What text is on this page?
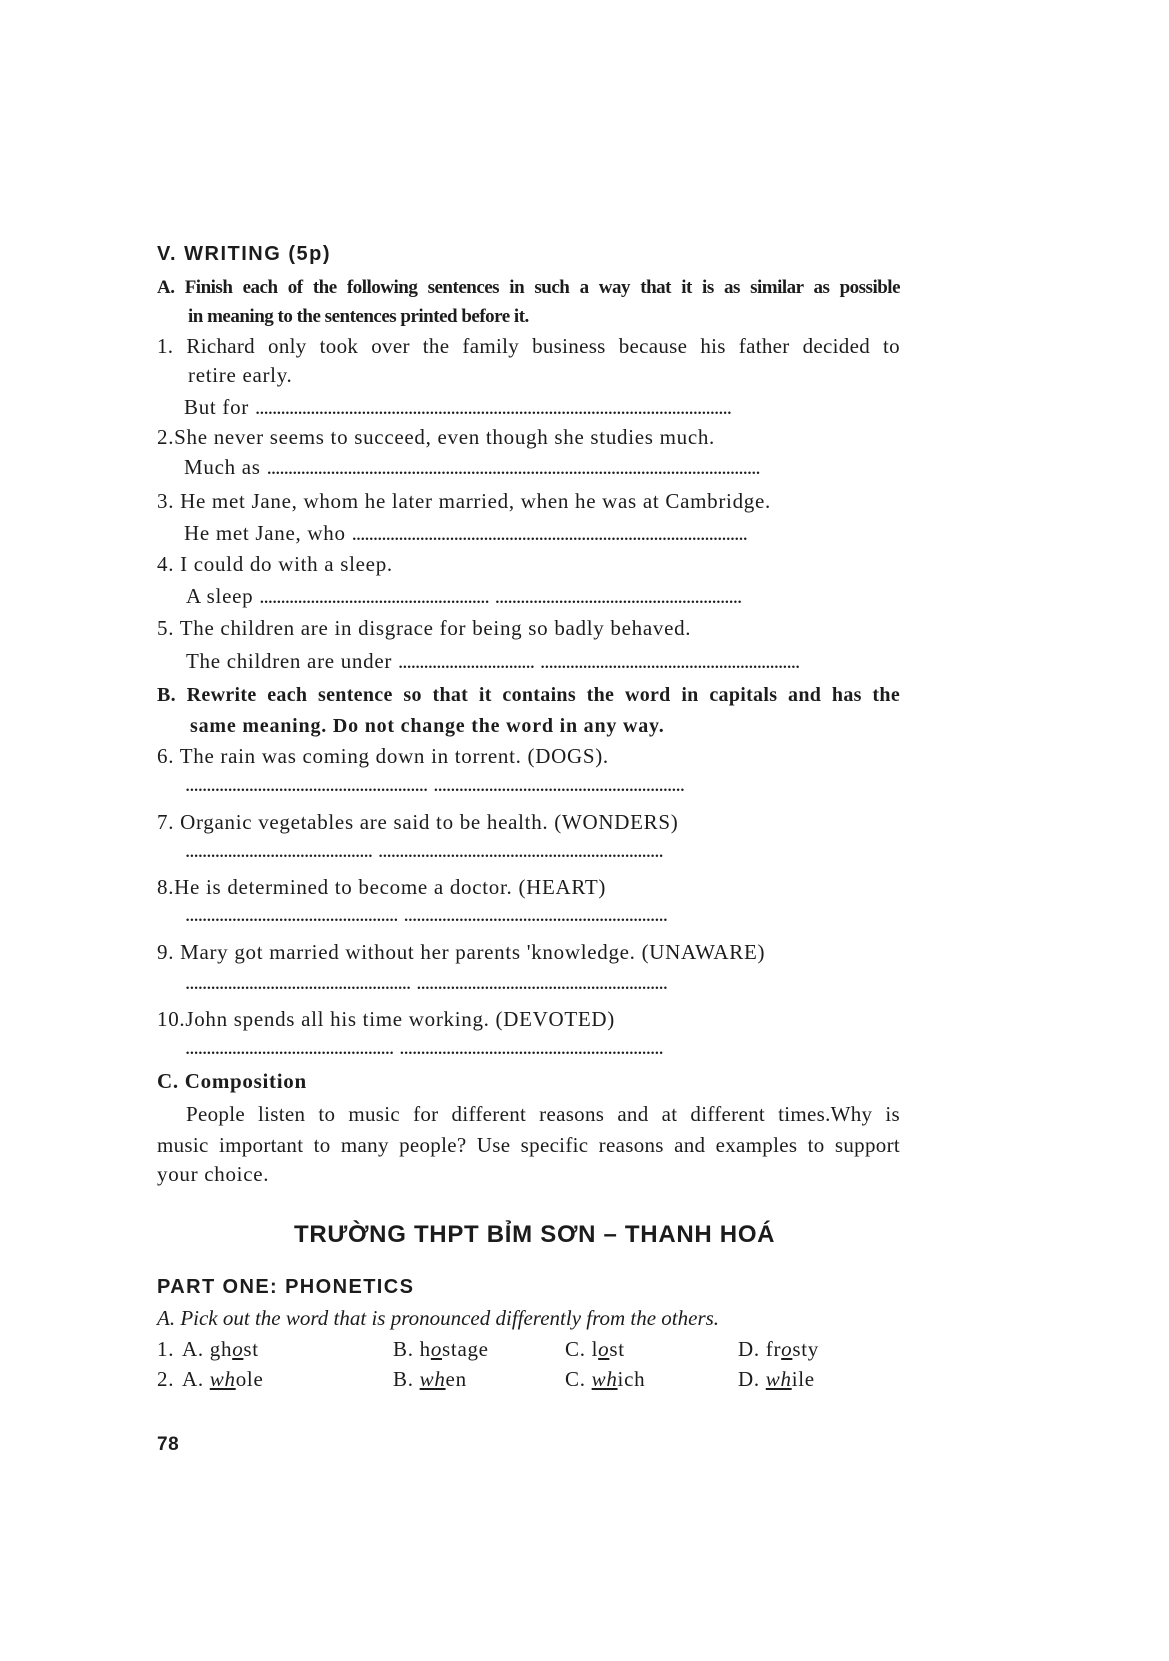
V. WRITING (5p)
A. Finish each of the following sentences in such a way that it is as similar as possible
in meaning to the sentences printed before it.
1. Richard only took over the family business because his father decided to
retire early.
But for ................................................................................................................
2.She never seems to succeed, even though she studies much.
Much as ....................................................................................................................
3. He met Jane, whom he later married, when he was at Cambridge.
He met Jane, who .............................................................................................
4. I could do with a sleep.
A sleep ...................................................... ..........................................................
5. The children are in disgrace for being so badly behaved.
The children are under ................................ .............................................................
B. Rewrite each sentence so that it contains the word in capitals and has the
same meaning. Do not change the word in any way.
6. The rain was coming down in torrent. (DOGS).
......................................................... ...........................................................
7. Organic vegetables are said to be health. (WONDERS)
............................................ ...................................................................
8.He is determined to become a doctor. (HEART)
.................................................. ..............................................................
9. Mary got married without her parents 'knowledge. (UNAWARE)
..................................................... ...........................................................
10.John spends all his time working. (DEVOTED)
................................................. ..............................................................
C. Composition
People listen to music for different reasons and at different times.Why is
music important to many people? Use specific reasons and examples to support
your choice.
TRƯỜNG THPT BỈM SƠN – THANH HOÁ
PART ONE: PHONETICS
A. Pick out the word that is pronounced differently from the others.
1. A. ghost	B. hostage	C. lost	D. frosty
2. A. whole	B. when	C. which	D. while
78
